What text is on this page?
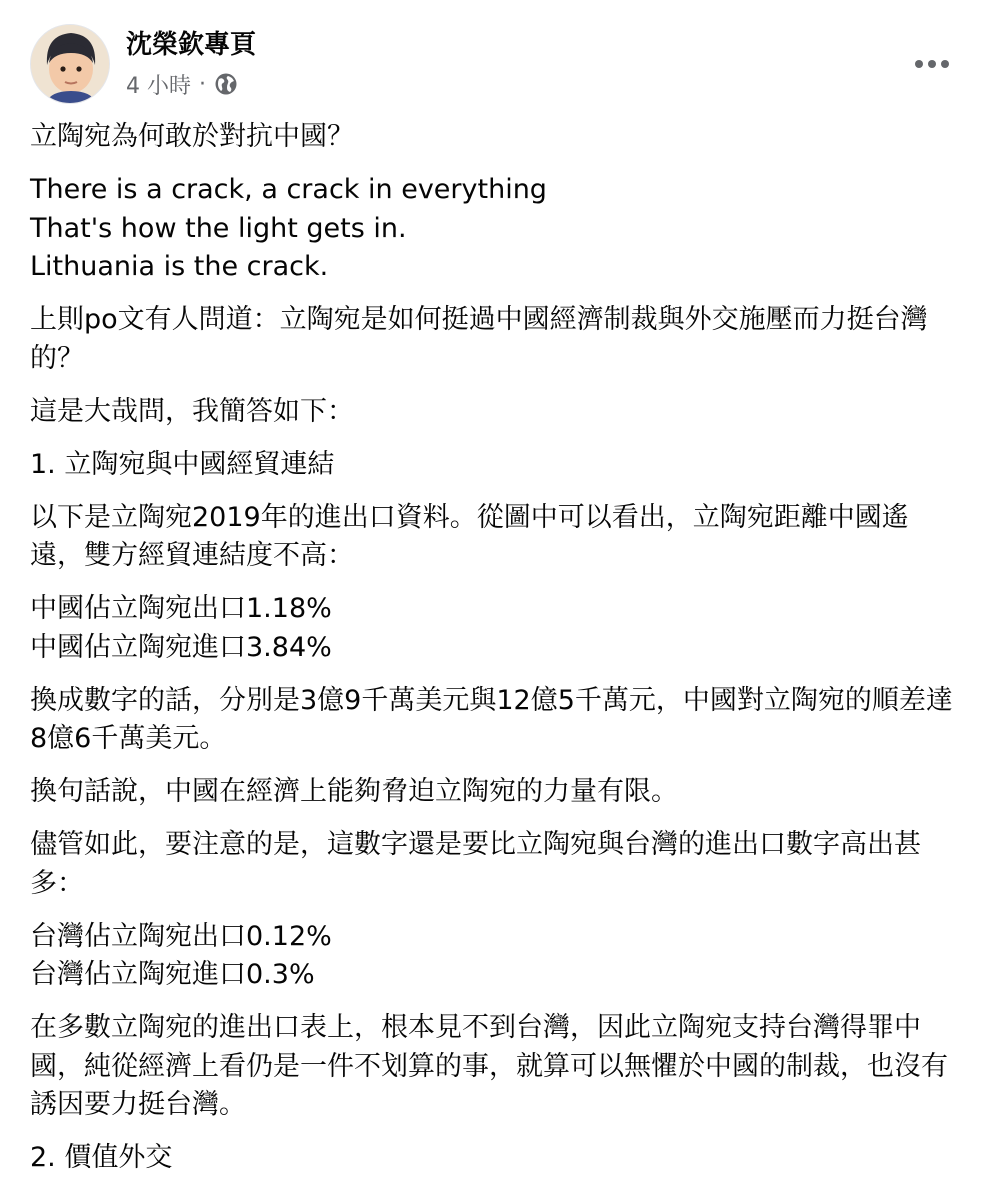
沈榮欽專頁
4 小時 ·

立陶宛為何敢於對抗中國？

There is a crack, a crack in everything
That's how the light gets in.
Lithuania is the crack.

上則po文有人問道：立陶宛是如何挺過中國經濟制裁與外交施壓而力挺台灣的？

這是大哉問，我簡答如下：

1. 立陶宛與中國經貿連結

以下是立陶宛2019年的進出口資料。從圖中可以看出，立陶宛距離中國遙遠，雙方經貿連結度不高：

中國佔立陶宛出口1.18%
中國佔立陶宛進口3.84%

換成數字的話，分別是3億9千萬美元與12億5千萬元，中國對立陶宛的順差達8億6千萬美元。

換句話說，中國在經濟上能夠脅迫立陶宛的力量有限。

儘管如此，要注意的是，這數字還是要比立陶宛與台灣的進出口數字高出甚多：

台灣佔立陶宛出口0.12%
台灣佔立陶宛進口0.3%

在多數立陶宛的進出口表上，根本見不到台灣，因此立陶宛支持台灣得罪中國，純從經濟上看仍是一件不划算的事，就算可以無懼於中國的制裁，也沒有誘因要力挺台灣。

2. 價值外交
